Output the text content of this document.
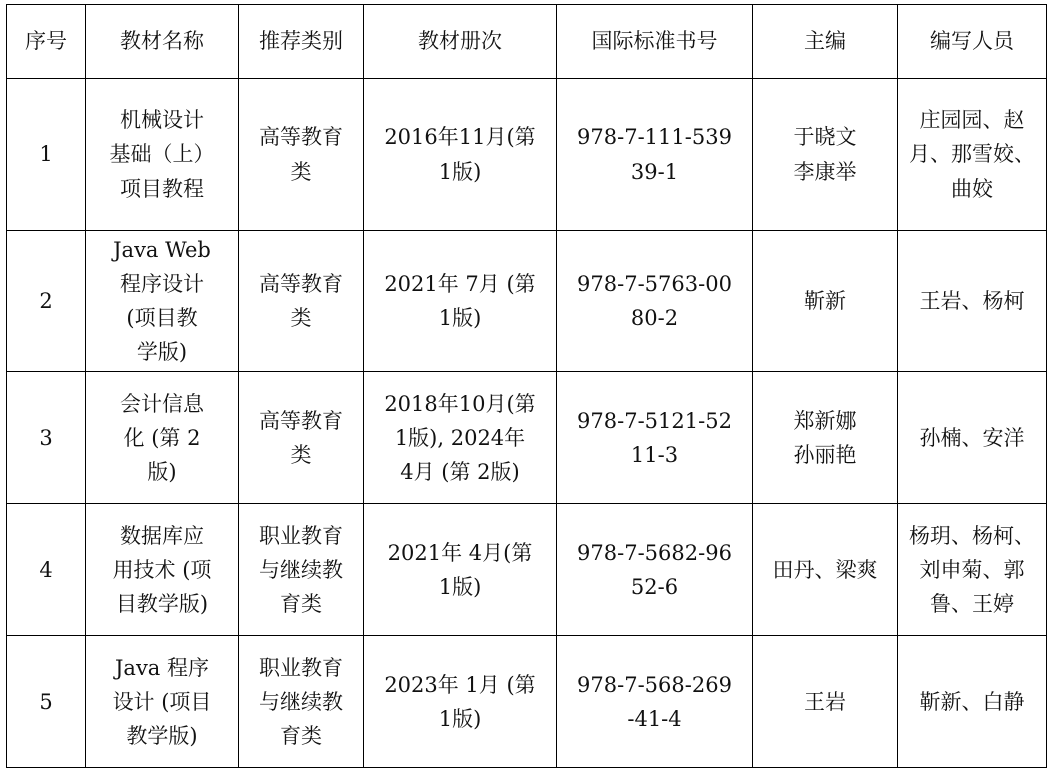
序号	教材名称	推荐类别	教材册次	国际标准书号	主编	编写人员

1	机械设计
基础（上）
项目教程	高等教育
类	2016年11月(第
1版)	978-7-111-539
39-1	于晓文
李康举	庄园园、赵
月、那雪姣、
曲姣

2	Java Web
程序设计
(项目教
学版)	高等教育
类	2021年 7月 (第
1版)	978-7-5763-00
80-2	靳新	王岩、杨柯

3	会计信息
化 (第 2
版)	高等教育
类	2018年10月(第
1版), 2024年
4月 (第 2版)	978-7-5121-52
11-3	郑新娜
孙丽艳	孙楠、安洋

4	数据库应
用技术 (项
目教学版)	职业教育
与继续教
育类	2021年 4月(第
1版)	978-7-5682-96
52-6	田丹、梁爽	杨玥、杨柯、
刘申菊、郭
鲁、王婷

5	Java 程序
设计 (项目
教学版)	职业教育
与继续教
育类	2023年 1月 (第
1版)	978-7-568-269
-41-4	王岩	靳新、白静
